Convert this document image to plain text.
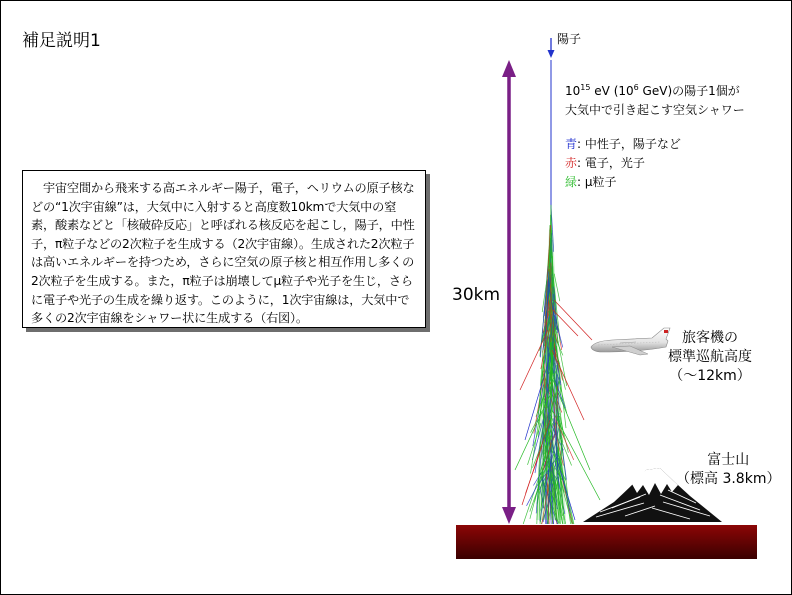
補足説明1
宇宙空間から飛来する高エネルギー陽子，電子，ヘリウムの原子核などの“1次宇宙線”は，大気中に入射すると高度数10kmで大気中の窒素，酸素などと「核破砕反応」と呼ばれる核反応を起こし，陽子，中性子，π粒子などの2次粒子を生成する（2次宇宙線）。生成された2次粒子は高いエネルギーを持つため，さらに空気の原子核と相互作用し多くの2次粒子を生成する。また，π粒子は崩壊してμ粒子や光子を生じ，さらに電子や光子の生成を繰り返す。このように，1次宇宙線は，大気中で多くの2次宇宙線をシャワー状に生成する（右図）。
陽子
$10^{15}$ eV ($10^6$ GeV)の陽子1個が
大気中で引き起こす空気シャワー
青: 中性子，陽子など
赤: 電子，光子
緑: μ粒子
30km
旅客機の
標準巡航高度
（〜12km）
富士山
（標高 3.8km）
